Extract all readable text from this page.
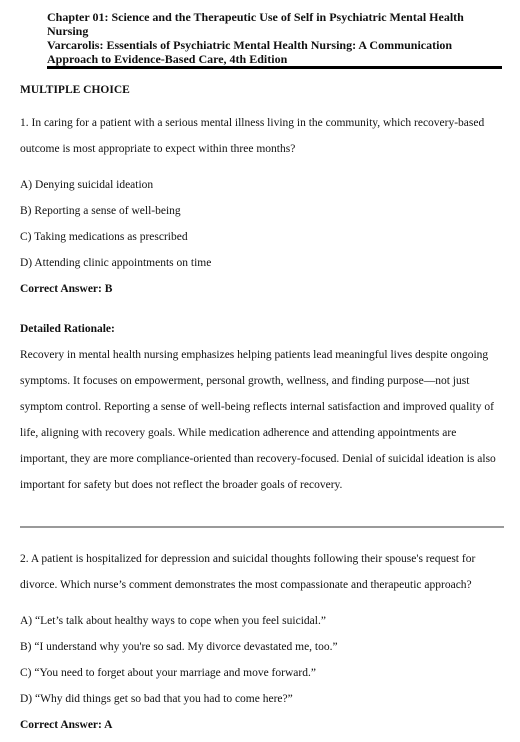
Chapter 01: Science and the Therapeutic Use of Self in Psychiatric Mental Health Nursing
Varcarolis: Essentials of Psychiatric Mental Health Nursing: A Communication
Approach to Evidence-Based Care, 4th Edition
MULTIPLE CHOICE
1. In caring for a patient with a serious mental illness living in the community, which recovery-based outcome is most appropriate to expect within three months?
A) Denying suicidal ideation
B) Reporting a sense of well-being
C) Taking medications as prescribed
D) Attending clinic appointments on time
Correct Answer: B
Detailed Rationale:
Recovery in mental health nursing emphasizes helping patients lead meaningful lives despite ongoing symptoms. It focuses on empowerment, personal growth, wellness, and finding purpose—not just symptom control. Reporting a sense of well-being reflects internal satisfaction and improved quality of life, aligning with recovery goals. While medication adherence and attending appointments are important, they are more compliance-oriented than recovery-focused. Denial of suicidal ideation is also important for safety but does not reflect the broader goals of recovery.
2. A patient is hospitalized for depression and suicidal thoughts following their spouse's request for divorce. Which nurse’s comment demonstrates the most compassionate and therapeutic approach?
A) “Let’s talk about healthy ways to cope when you feel suicidal.”
B) “I understand why you're so sad. My divorce devastated me, too.”
C) “You need to forget about your marriage and move forward.”
D) “Why did things get so bad that you had to come here?”
Correct Answer: A
